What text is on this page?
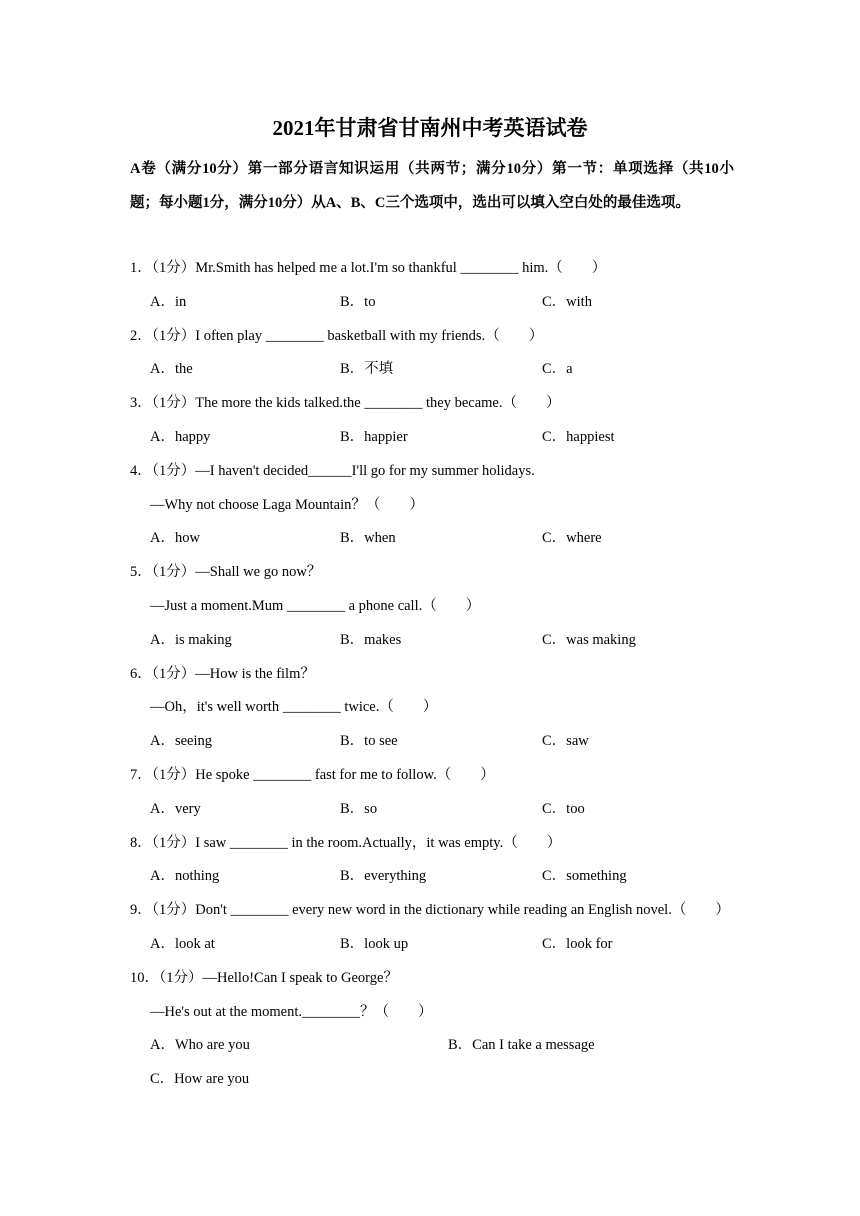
2021年甘肃省甘南州中考英语试卷
A卷（满分10分）第一部分语言知识运用（共两节；满分10分）第一节：单项选择（共10小题；每小题1分，满分10分）从A、B、C三个选项中，选出可以填入空白处的最佳选项。
1．（1分）Mr.Smith has helped me a lot.I'm so thankful ________ him.（　　）
A．in	B．to	C．with
2．（1分）I often play ________ basketball with my friends.（　　）
A．the	B．不填	C．a
3．（1分）The more the kids talked.the ________ they became.（　　）
A．happy	B．happier	C．happiest
4．（1分）—I haven't decided______I'll go for my summer holidays.
—Why not choose Laga Mountain？（　　）
A．how	B．when	C．where
5．（1分）—Shall we go now？
—Just a moment.Mum ________ a phone call.（　　）
A．is making	B．makes	C．was making
6．（1分）—How is the film？
—Oh，it's well worth ________ twice.（　　）
A．seeing	B．to see	C．saw
7．（1分）He spoke ________ fast for me to follow.（　　）
A．very	B．so	C．too
8．（1分）I saw ________ in the room.Actually，it was empty.（　　）
A．nothing	B．everything	C．something
9．（1分）Don't ________ every new word in the dictionary while reading an English novel.（　　）
A．look at	B．look up	C．look for
10．（1分）—Hello!Can I speak to George？
—He's out at the moment.________？（　　）
A．Who are you	B．Can I take a message
C．How are you
